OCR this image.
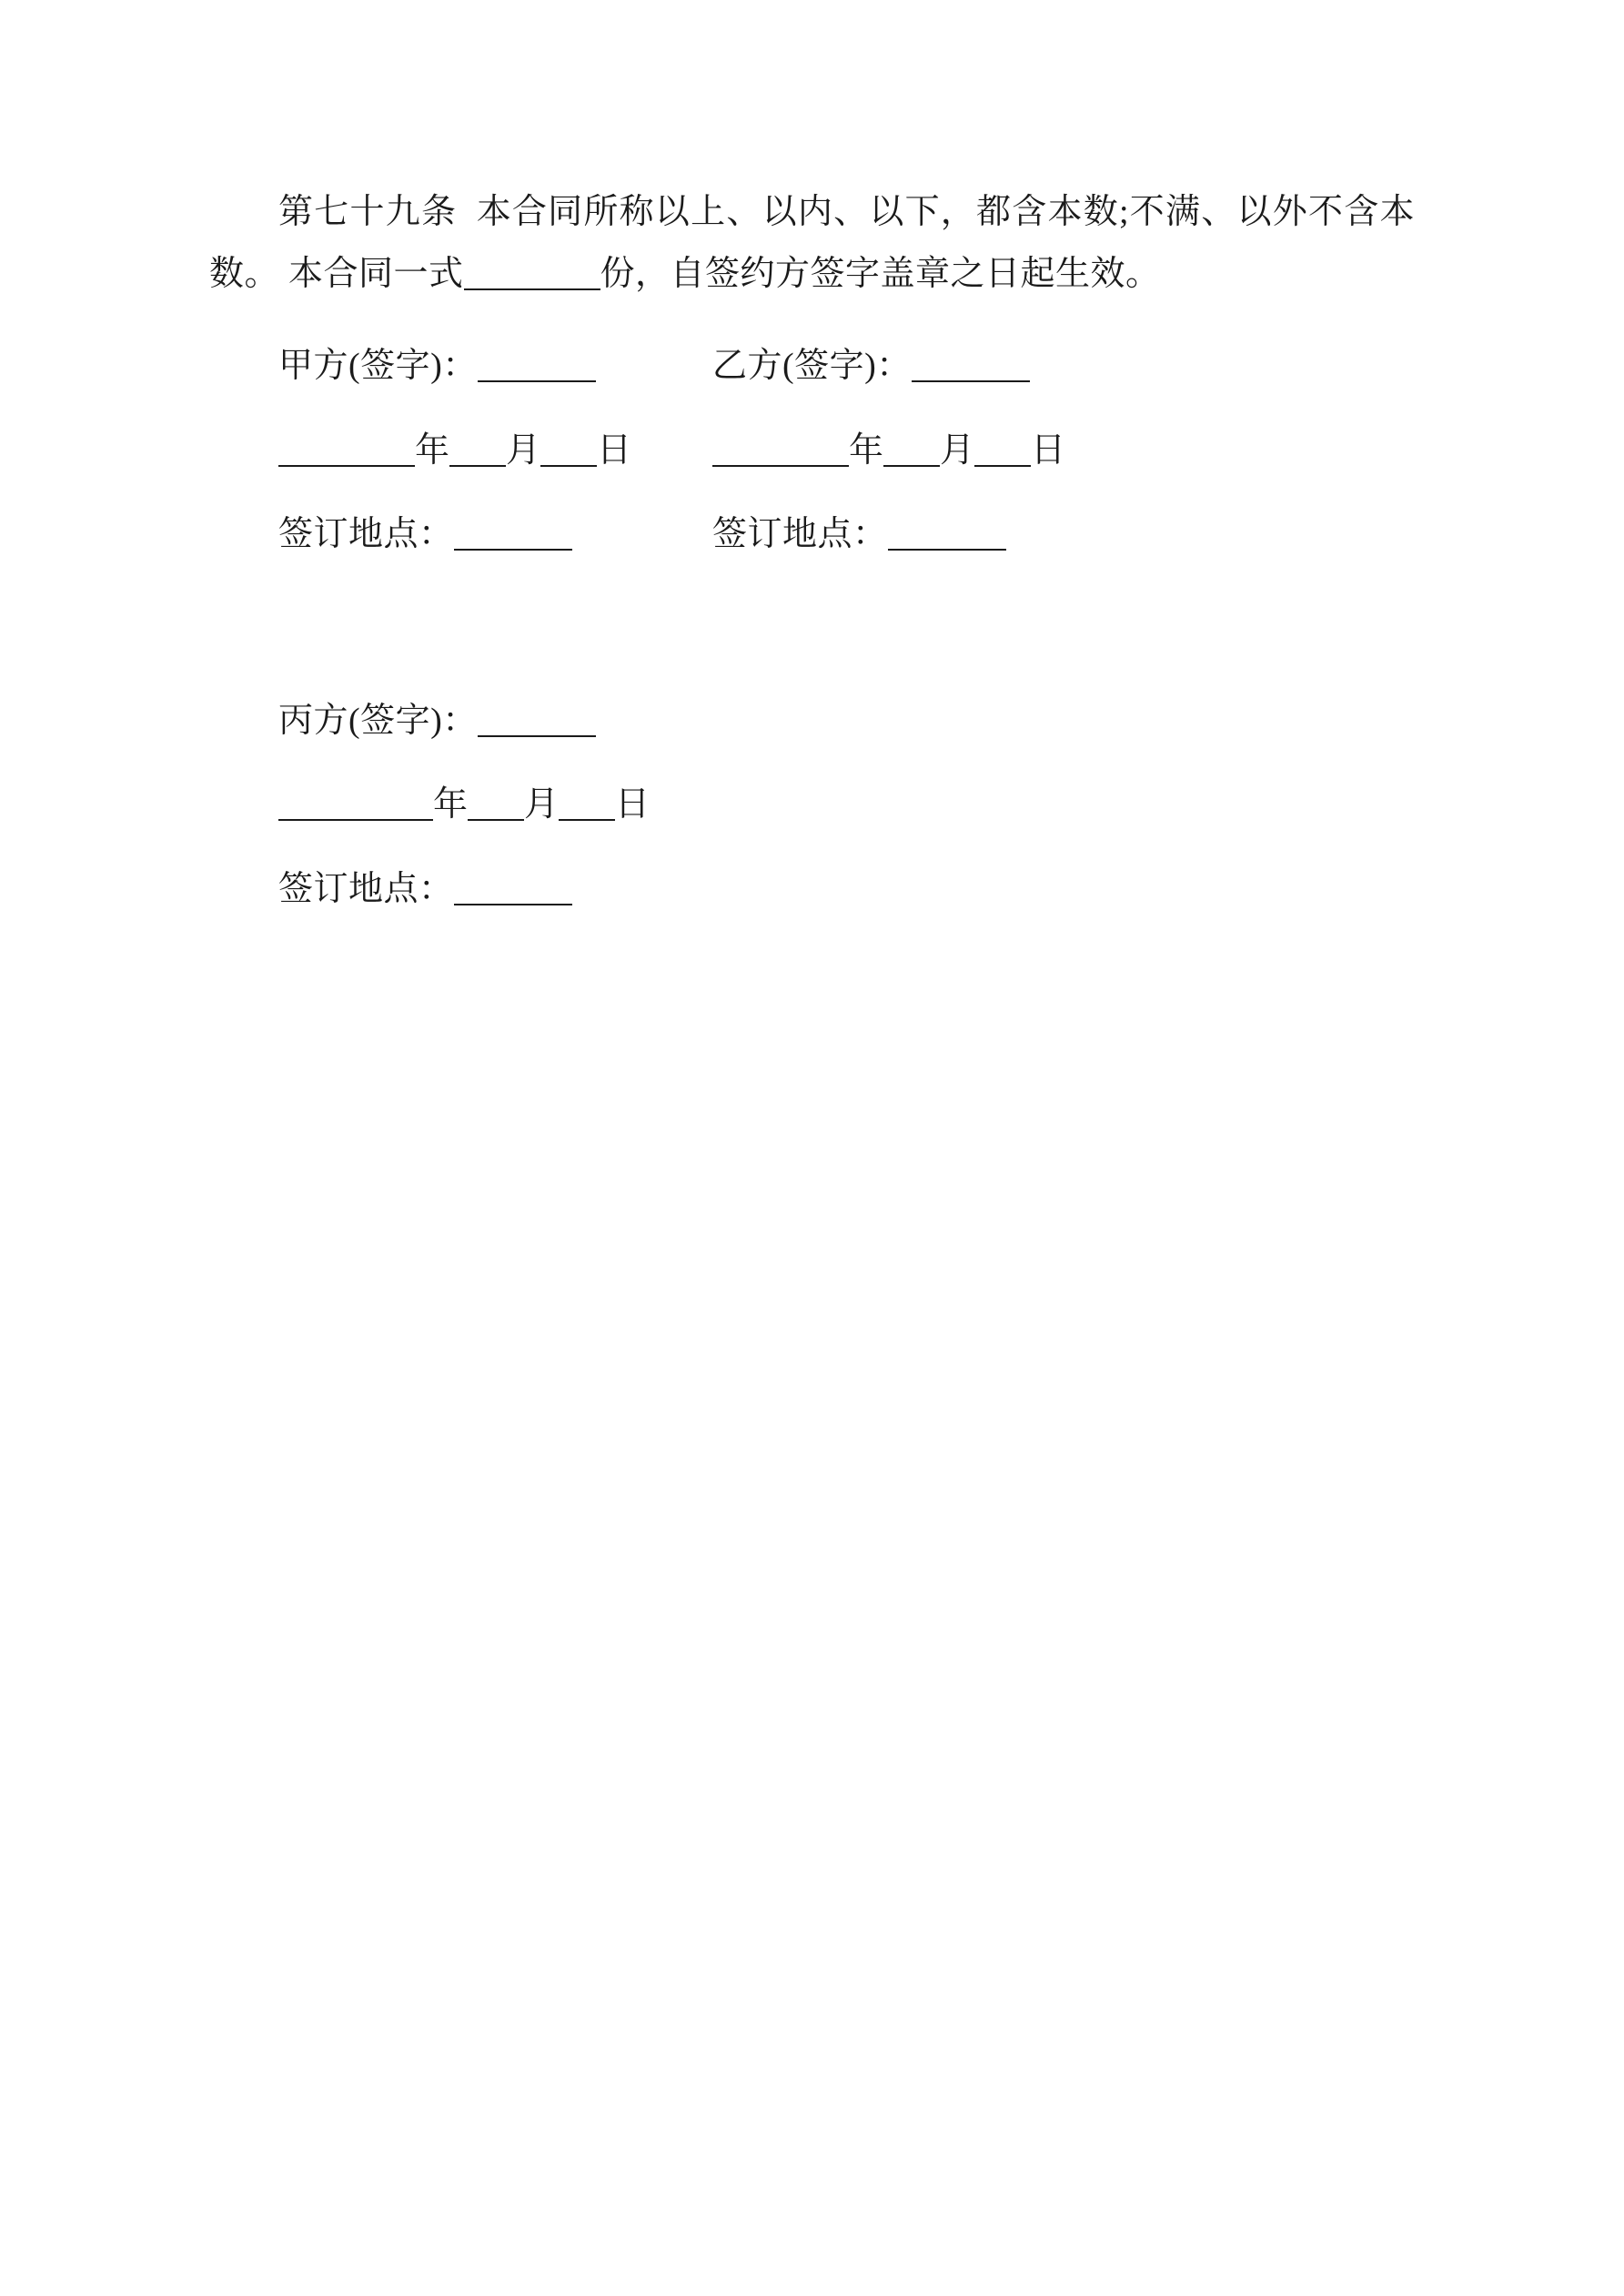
第七十九条 本合同所称以上、以内、以下，都含本数;不满、以外不含本数。 本合同一式	份，自签约方签字盖章之日起生效。

甲方(签字)：	乙方(签字)：
年 月 日	年 月 日
签订地点：	签订地点：
丙方(签字)：
年 月 日
签订地点：
